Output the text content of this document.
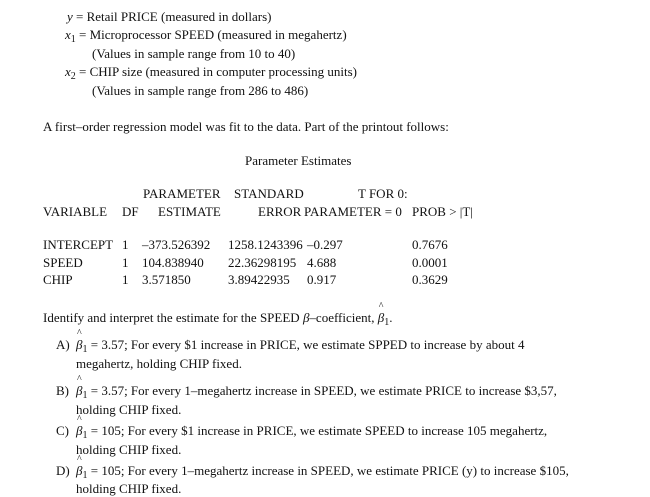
y = Retail PRICE (measured in dollars)
$x_1$ = Microprocessor SPEED (measured in megahertz)
(Values in sample range from 10 to 40)
$x_2$ = CHIP size (measured in computer processing units)
(Values in sample range from 286 to 486)
A first–order regression model was fit to the data. Part of the printout follows:
Parameter Estimates
PARAMETER STANDARD	T FOR 0:
VARIABLE DF ESTIMATE	ERROR PARAMETER = 0 PROB > |T|
INTERCEPT 1 –373.526392 1258.1243396 –0.297	0.7676
SPEED	1 104.838940 22.36298195 4.688	0.0001
CHIP	1 3.571850	3.89422935 0.917	0.3629
Identify and interpret the estimate for the SPEED β–coefficient, ^ $\beta_1$.
A) ^ $\beta_1 = 3.57$; For every $1 increase in PRICE, we estimate SPPED to increase by about 4
megahertz, holding CHIP fixed.
B) ^ $\beta_1 = 3.57$; For every 1–megahertz increase in SPEED, we estimate PRICE to increase $3,57,
holding CHIP fixed.
C) ^ $\beta_1 = 105$; For every $1 increase in PRICE, we estimate SPEED to increase 105 megahertz,
holding CHIP fixed.
D) ^ $\beta_1 = 105$; For every 1–megahertz increase in SPEED, we estimate PRICE (y) to increase $105,
holding CHIP fixed.
